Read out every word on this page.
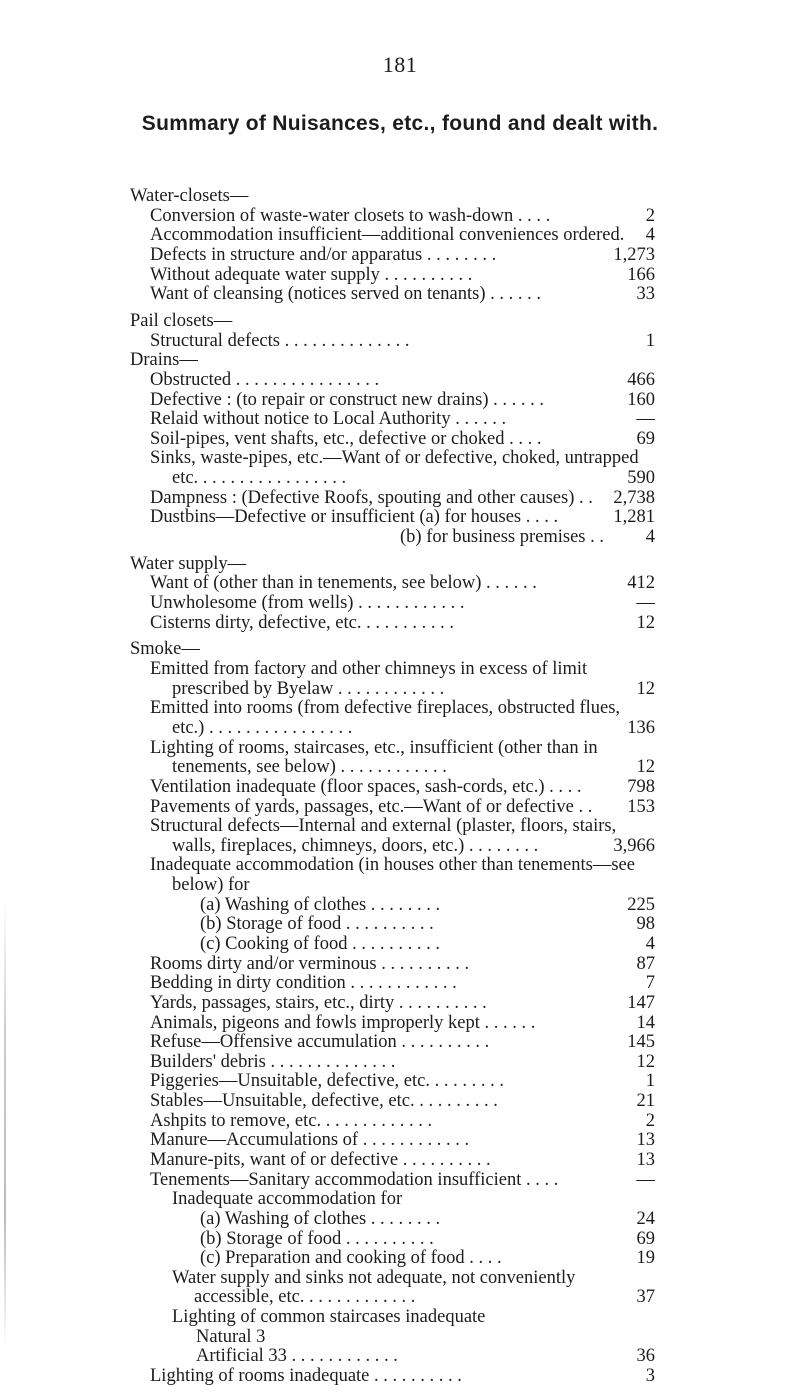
181
Summary of Nuisances, etc., found and dealt with.
Water-closets—
Conversion of waste-water closets to wash-down . . . .	2
Accommodation insufficient—additional conveniences ordered. 4
Defects in structure and/or apparatus . . . . . . . .	1,273
Without adequate water supply . . . . . . . . . .	166
Want of cleansing (notices served on tenants) . . . . . .	33
Pail closets—
Structural defects . . . . . . . . . . . . . .	1
Drains—
Obstructed . . . . . . . . . . . . . . . .	466
Defective : (to repair or construct new drains) . . . . . .	160
Relaid without notice to Local Authority . . . . . .	—
Soil-pipes, vent shafts, etc., defective or choked . . . .	69
Sinks, waste-pipes, etc.—Want of or defective, choked, untrapped
etc. . . . . . . . . . . . . . . . .	590
Dampness : (Defective Roofs, spouting and other causes) . . 2,738
Dustbins—Defective or insufficient (a) for houses . . . .	1,281
(b) for business premises . . 4
Water supply—
Want of (other than in tenements, see below) . . . . . .	412
Unwholesome (from wells) . . . . . . . . . . . .	—
Cisterns dirty, defective, etc. . . . . . . . . . .	12
Smoke—
Emitted from factory and other chimneys in excess of limit
prescribed by Byelaw . . . . . . . . . . . .	12
Emitted into rooms (from defective fireplaces, obstructed flues,
etc.) . . . . . . . . . . . . . . . .	136
Lighting of rooms, staircases, etc., insufficient (other than in
tenements, see below) . . . . . . . . . . . .	12
Ventilation inadequate (floor spaces, sash-cords, etc.) . . . . 798
Pavements of yards, passages, etc.—Want of or defective . . 153
Structural defects—Internal and external (plaster, floors, stairs,
walls, fireplaces, chimneys, doors, etc.) . . . . . . . .	3,966
Inadequate accommodation (in houses other than tenements—see
below) for
(a) Washing of clothes . . . . . . . .	225
(b) Storage of food . . . . . . . . . .	98
(c) Cooking of food . . . . . . . . . .	4
Rooms dirty and/or verminous . . . . . . . . . .	87
Bedding in dirty condition . . . . . . . . . . . .	7
Yards, passages, stairs, etc., dirty . . . . . . . . . .	147
Animals, pigeons and fowls improperly kept . . . . . .	14
Refuse—Offensive accumulation . . . . . . . . . .	145
Builders' debris . . . . . . . . . . . . . .	12
Piggeries—Unsuitable, defective, etc. . . . . . . . .	1
Stables—Unsuitable, defective, etc. . . . . . . . . .	21
Ashpits to remove, etc. . . . . . . . . . . . .	2
Manure—Accumulations of . . . . . . . . . . . .	13
Manure-pits, want of or defective . . . . . . . . . .	13
Tenements—Sanitary accommodation insufficient . . . .	—
Inadequate accommodation for
(a) Washing of clothes . . . . . . . .	24
(b) Storage of food . . . . . . . . . .	69
(c) Preparation and cooking of food . . . .	19
Water supply and sinks not adequate, not conveniently
accessible, etc. . . . . . . . . . . . .	37
Lighting of common staircases inadequate
Natural 3
Artificial 33 . . . . . . . . . . . .	36
Lighting of rooms inadequate . . . . . . . . . .	3
